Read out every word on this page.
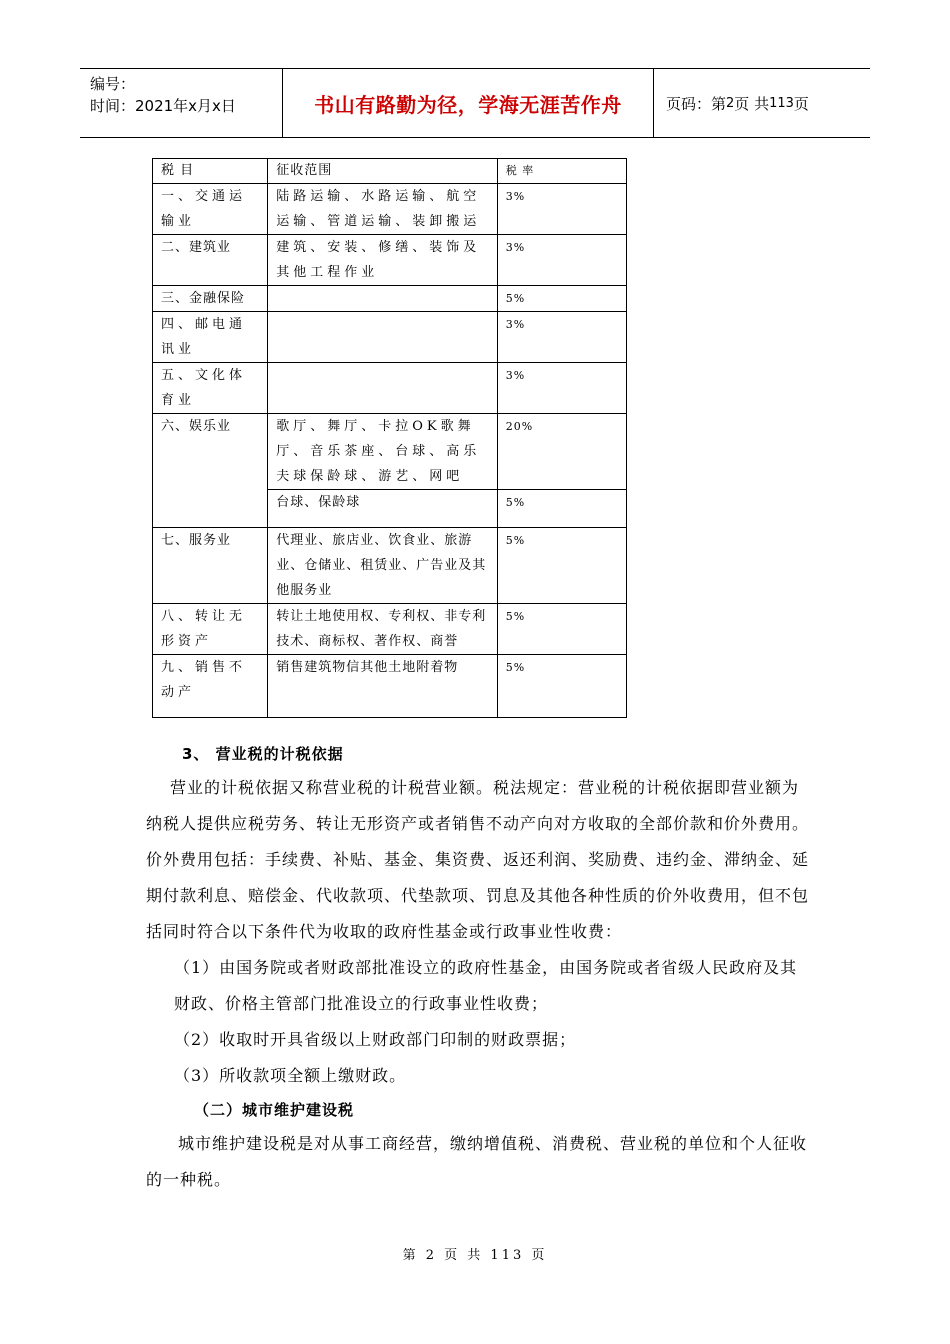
编号：
时间：2021年x月x日	书山有路勤为径，学海无涯苦作舟	页码：第 2 页 共 113 页
税 目	征收范围	税 率
一、交通运输业	陆路运输、水路运输、航空运输、管道运输、装卸搬运	3%
二、建筑业	建筑、安装、修缮、装饰及其他工程作业	3%
三、金融保险		5%
四、邮电通讯业		3%
五、文化体育业		3%
六、娱乐业	歌厅、舞厅、卡拉OK歌舞厅、音乐茶座、台球、高乐夫球保龄球、游艺、网吧	20%
	台球、保龄球	5%
七、服务业	代理业、旅店业、饮食业、旅游业、仓储业、租赁业、广告业及其他服务业	5%
八、转让无形资产	转让土地使用权、专利权、非专利技术、商标权、著作权、商誉	5%
九、销售不动产	销售建筑物信其他土地附着物	5%

3、 营业税的计税依据

营业的计税依据又称营业税的计税营业额。税法规定：营业税的计税依据即营业额为纳税人提供应税劳务、转让无形资产或者销售不动产向对方收取的全部价款和价外费用。价外费用包括：手续费、补贴、基金、集资费、返还利润、奖励费、违约金、滞纳金、延期付款利息、赔偿金、代收款项、代垫款项、罚息及其他各种性质的价外收费用，但不包括同时符合以下条件代为收取的政府性基金或行政事业性收费：

（1）由国务院或者财政部批准设立的政府性基金，由国务院或者省级人民政府及其财政、价格主管部门批准设立的行政事业性收费；

（2）收取时开具省级以上财政部门印制的财政票据；

（3）所收款项全额上缴财政。

（二）城市维护建设税

城市维护建设税是对从事工商经营，缴纳增值税、消费税、营业税的单位和个人征收的一种税。

第 2 页 共 113 页
